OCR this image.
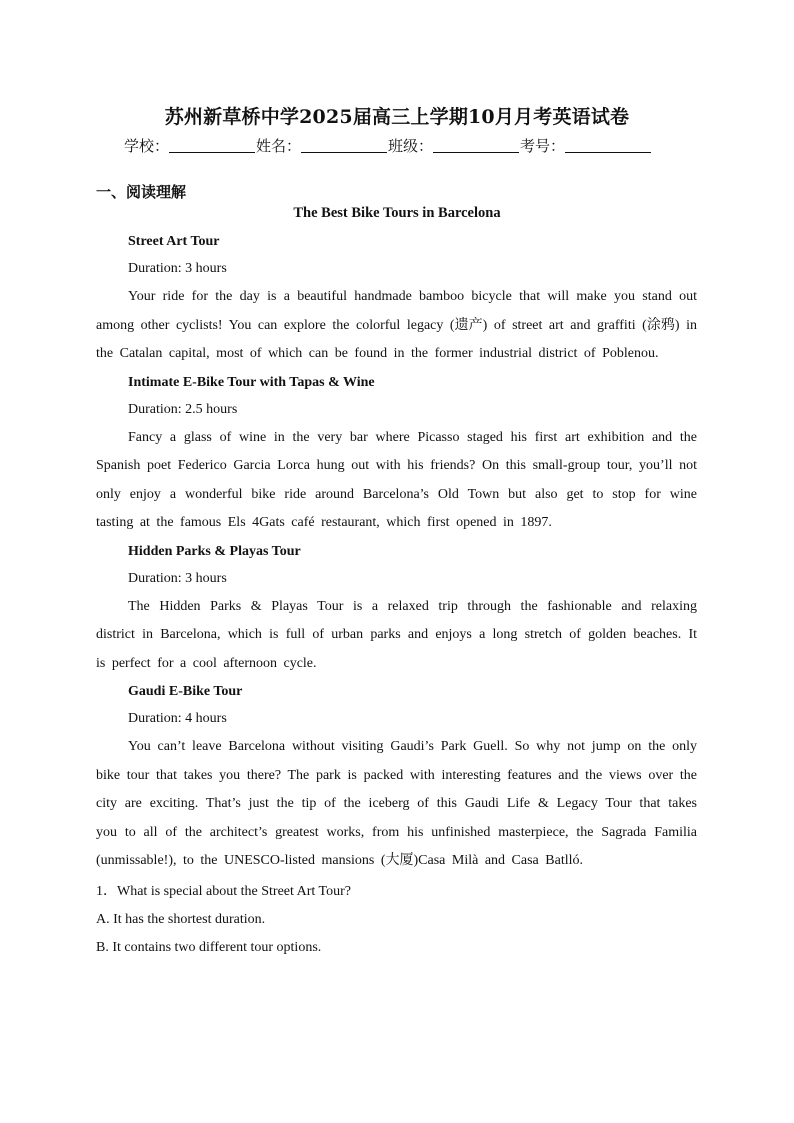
苏州新草桥中学2025届高三上学期10月月考英语试卷
学校：	姓名：	班级：	考号：
一、阅读理解
The Best Bike Tours in Barcelona
Street Art Tour
Duration: 3 hours
Your ride for the day is a beautiful handmade bamboo bicycle that will make you stand out among other cyclists! You can explore the colorful legacy (遗产) of street art and graffiti (涂鸦) in the Catalan capital, most of which can be found in the former industrial district of Poblenou.
Intimate E-Bike Tour with Tapas & Wine
Duration: 2.5 hours
Fancy a glass of wine in the very bar where Picasso staged his first art exhibition and the Spanish poet Federico Garcia Lorca hung out with his friends? On this small-group tour, you’ll not only enjoy a wonderful bike ride around Barcelona’s Old Town but also get to stop for wine tasting at the famous Els 4Gats café restaurant, which first opened in 1897.
Hidden Parks & Playas Tour
Duration: 3 hours
The Hidden Parks & Playas Tour is a relaxed trip through the fashionable and relaxing district in Barcelona, which is full of urban parks and enjoys a long stretch of golden beaches. It is perfect for a cool afternoon cycle.
Gaudi E-Bike Tour
Duration: 4 hours
You can’t leave Barcelona without visiting Gaudi’s Park Guell. So why not jump on the only bike tour that takes you there? The park is packed with interesting features and the views over the city are exciting. That’s just the tip of the iceberg of this Gaudi Life & Legacy Tour that takes you to all of the architect’s greatest works, from his unfinished masterpiece, the Sagrada Familia (unmissable!), to the UNESCO-listed mansions (大厦)Casa Milà and Casa Batlló.
1．What is special about the Street Art Tour?
A. It has the shortest duration.
B. It contains two different tour options.
